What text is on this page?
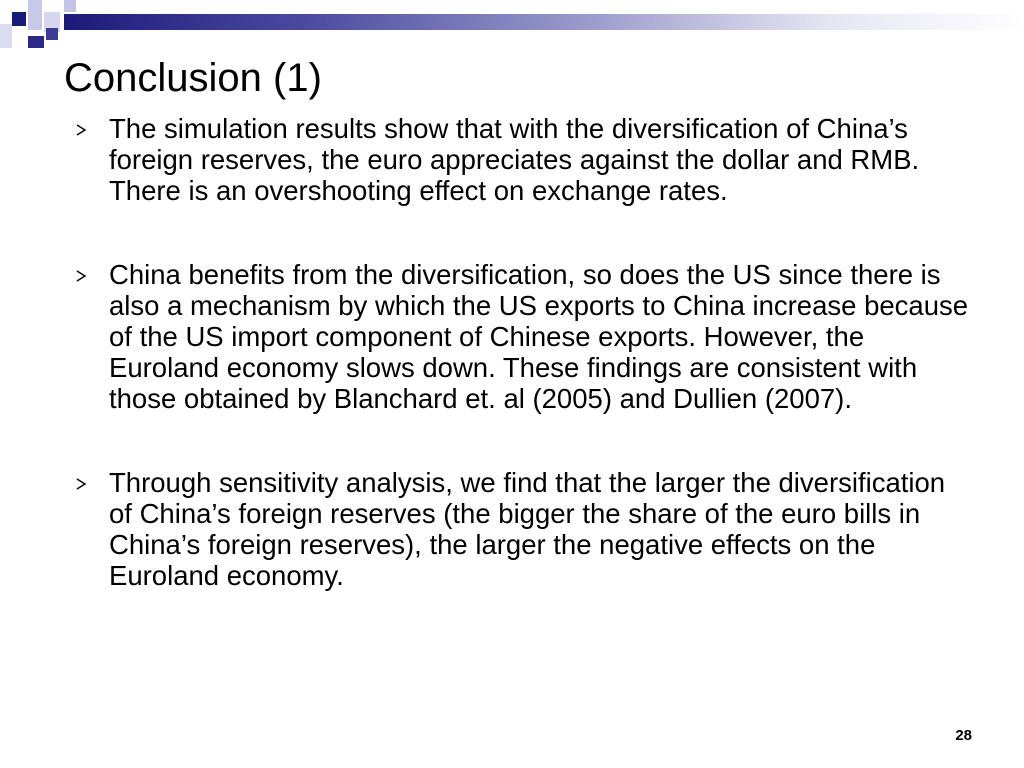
Conclusion (1)
The simulation results show that with the diversification of China’s foreign reserves, the euro appreciates against the dollar and RMB. There is an overshooting effect on exchange rates.
China benefits from the diversification, so does the US since there is also a mechanism by which the US exports to China increase because of the US import component of Chinese exports. However, the Euroland economy slows down. These findings are consistent with those obtained by Blanchard et. al (2005) and Dullien (2007).
Through sensitivity analysis, we find that the larger the diversification of China’s foreign reserves (the bigger the share of the euro bills in China’s foreign reserves), the larger the negative effects on the Euroland economy.
28
